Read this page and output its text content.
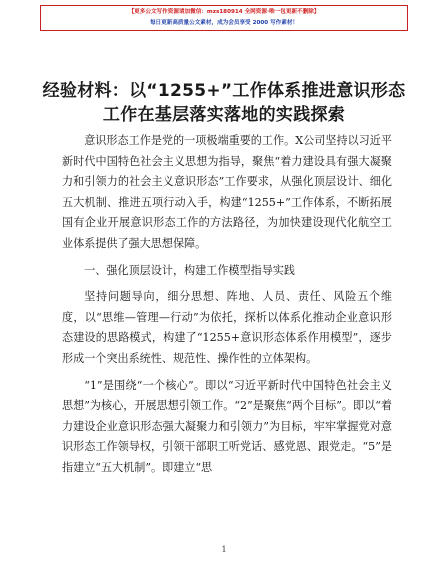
【更多公文写作资源请加微信：mzs180914 全网资源·唯一包更新不删除】
每日更新高质量公文素材，成为会员享受 2000 写作素材！
经验材料：以“1255+”工作体系推进意识形态
工作在基层落实落地的实践探索

意识形态工作是党的一项极端重要的工作。X公司坚持以习近平新时代中国特色社会主义思想为指导，聚焦“着力建设具有强大凝聚力和引领力的社会主义意识形态”工作要求，从强化顶层设计、细化五大机制、推进五项行动入手，构建“1255+”工作体系，不断拓展国有企业开展意识形态工作的方法路径，为加快建设现代化航空工业体系提供了强大思想保障。

一、强化顶层设计，构建工作模型指导实践

坚持问题导向，细分思想、阵地、人员、责任、风险五个维度，以“思维—管理—行动”为依托，探析以体系化推动企业意识形态建设的思路模式，构建了“1255+意识形态体系作用模型”，逐步形成一个突出系统性、规范性、操作性的立体架构。

“1”是围绕“一个核心”。即以“习近平新时代中国特色社会主义思想”为核心，开展思想引领工作。“2”是聚焦“两个目标”。即以“着力建设企业意识形态强大凝聚力和引领力”为目标，牢牢掌握党对意识形态工作领导权，引领干部职工听党话、感党恩、跟党走。“5”是指建立“五大机制”。即建立“思

1
